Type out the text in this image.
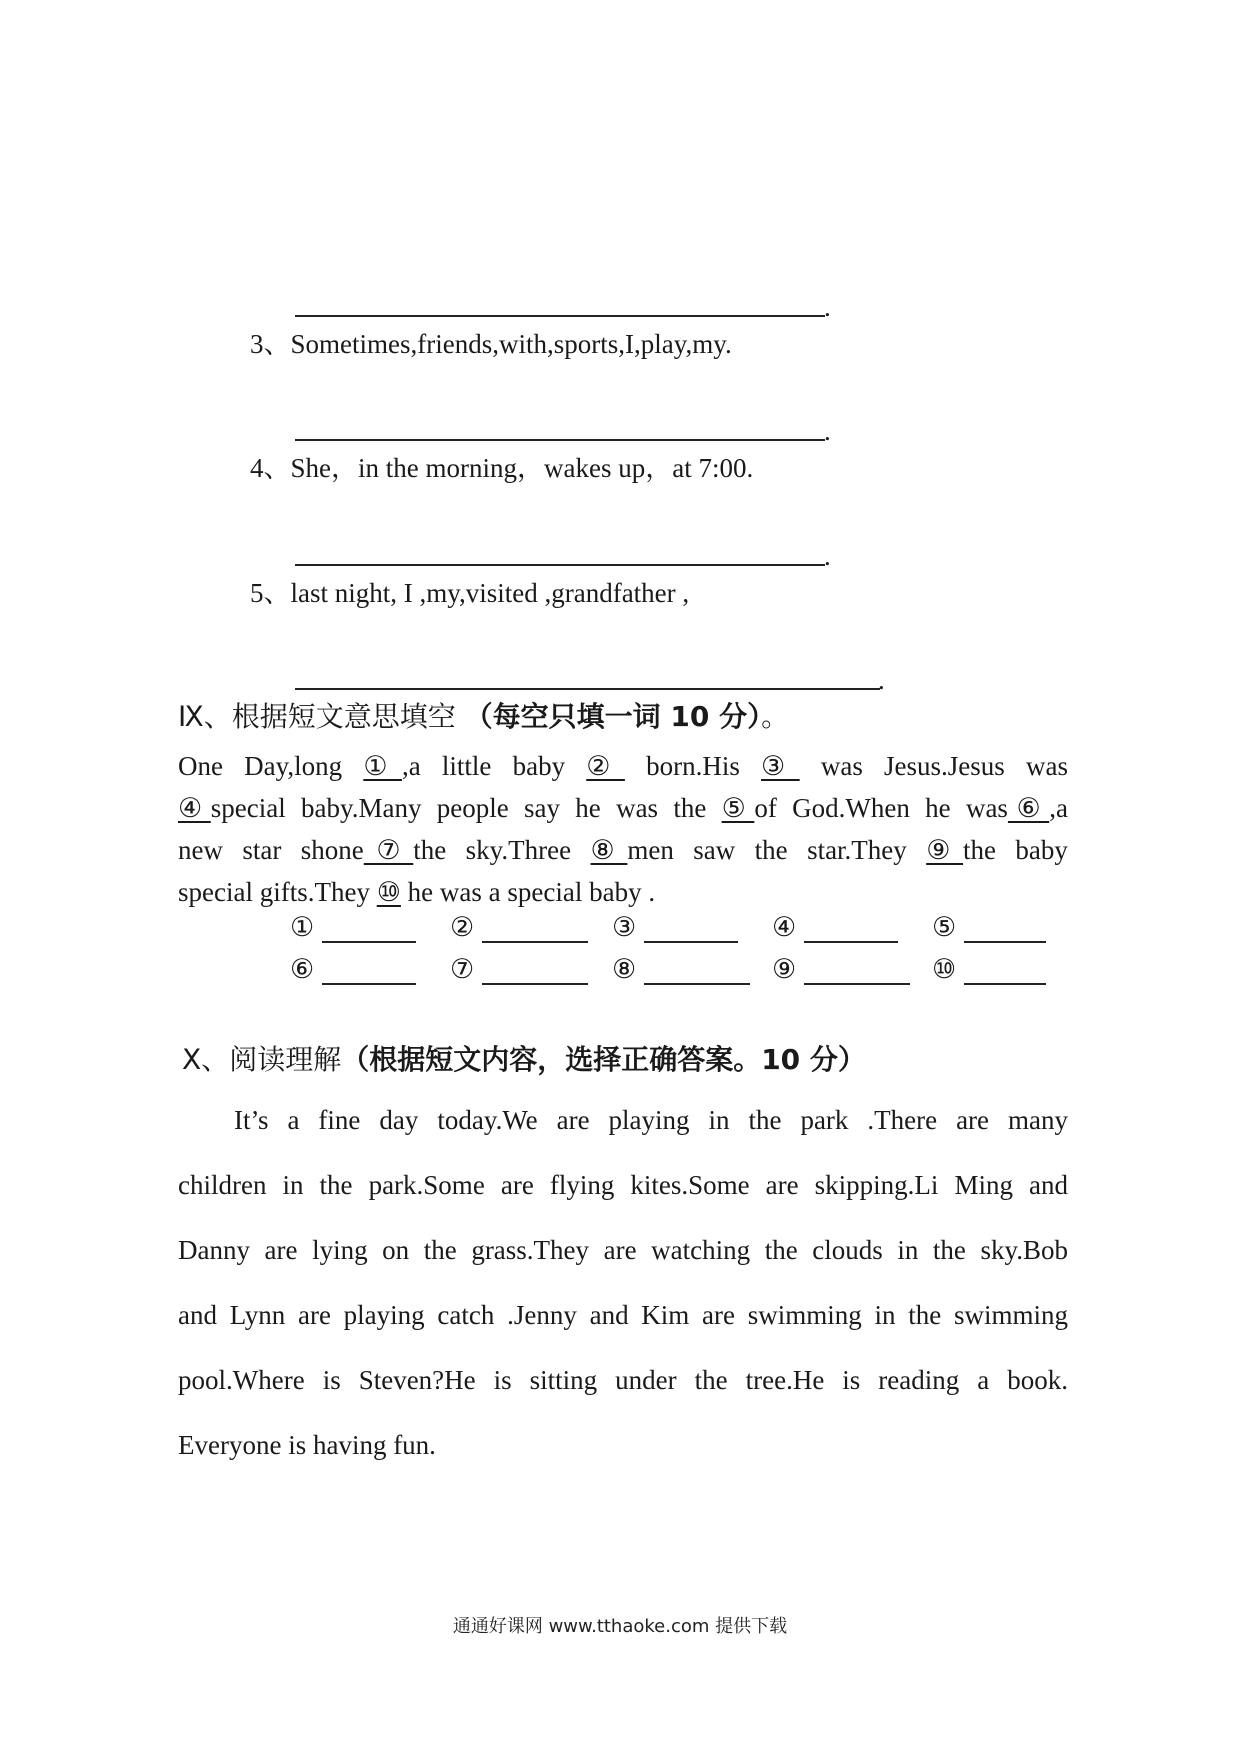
.
3、Sometimes,friends,with,sports,I,play,my.
.
4、She，in the morning，wakes up，at 7:00.
.
5、last night, I ,my,visited ,grandfather ,
.
Ⅸ、根据短文意思填空 （每空只填一词 10 分）。
One Day,long ①,a little baby ② born.His ③ was Jesus.Jesus was
④special baby.Many people say he was the ⑤of God.When he was⑥,a
new star shone⑦the sky.Three ⑧men saw the star.They ⑨the baby
special gifts.They ⑩ he was a special baby .
①	②	③	④	⑤
⑥	⑦	⑧	⑨	⑩
Ⅹ、阅读理解（根据短文内容，选择正确答案。10 分）
It’s a fine day today.We are playing in the park .There are many
children in the park.Some are flying kites.Some are skipping.Li Ming and
Danny are lying on the grass.They are watching the clouds in the sky.Bob
and Lynn are playing catch .Jenny and Kim are swimming in the swimming
pool.Where is Steven?He is sitting under the tree.He is reading a book.
Everyone is having fun.
通通好课网 www.tthaoke.com 提供下载
